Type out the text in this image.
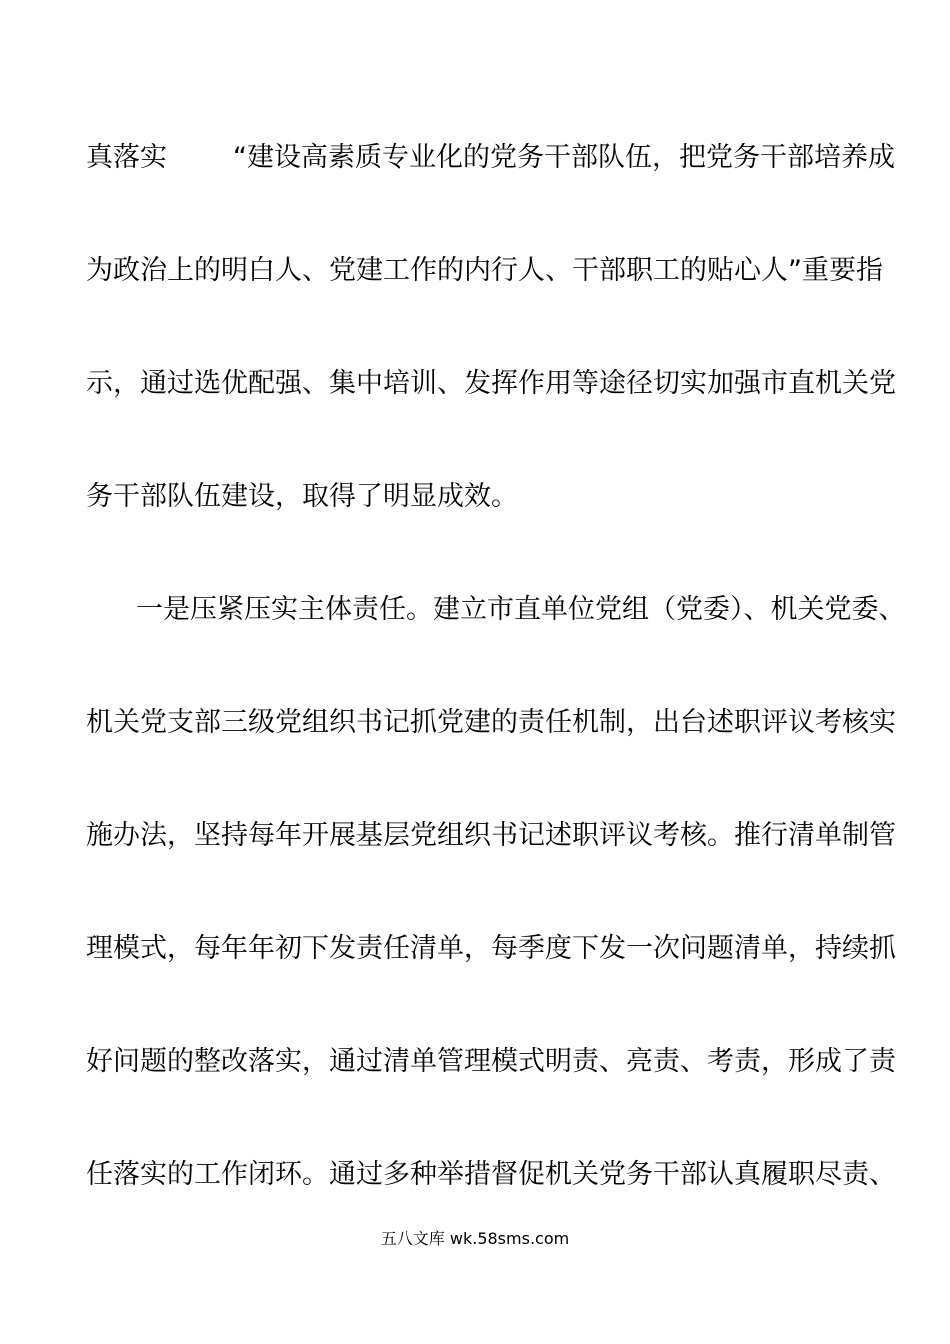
真落实 “建设高素质专业化的党务干部队伍，把党务干部培养成
为政治上的明白人、党建工作的内行人、干部职工的贴心人”重要指
示，通过选优配强、集中培训、发挥作用等途径切实加强市直机关党
务干部队伍建设，取得了明显成效。
一是压紧压实主体责任。建立市直单位党组（党委）、机关党委、
机关党支部三级党组织书记抓党建的责任机制，出台述职评议考核实
施办法，坚持每年开展基层党组织书记述职评议考核。推行清单制管
理模式，每年年初下发责任清单，每季度下发一次问题清单，持续抓
好问题的整改落实，通过清单管理模式明责、亮责、考责，形成了责
任落实的工作闭环。通过多种举措督促机关党务干部认真履职尽责、
五八文库 wk.58sms.com
